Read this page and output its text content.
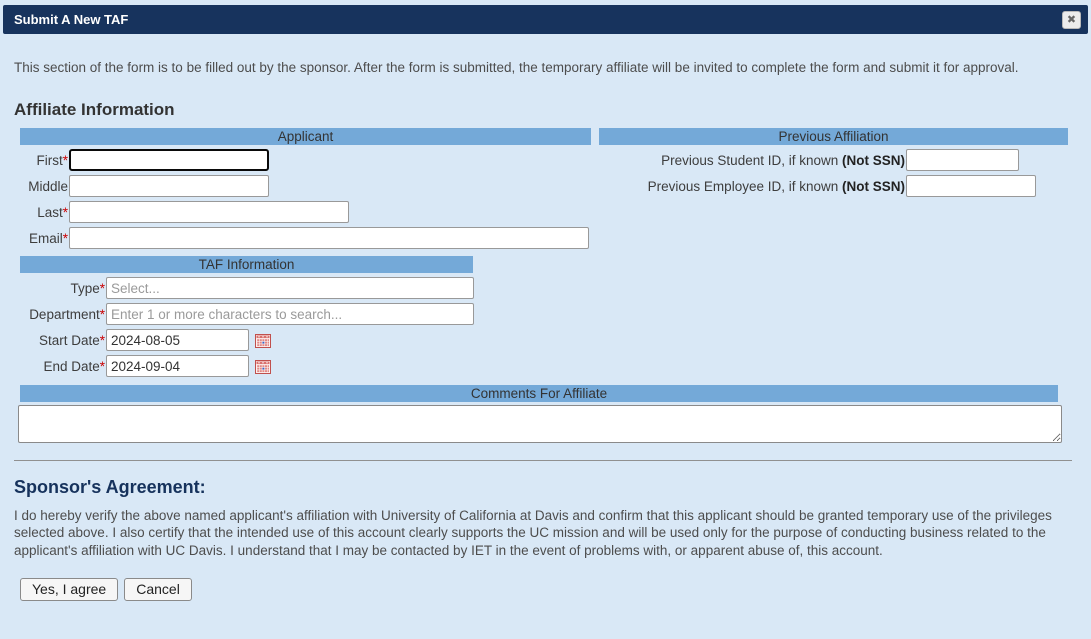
Submit A New TAF	✖

This section of the form is to be filled out by the sponsor. After the form is submitted, the temporary affiliate will be invited to complete the form and submit it for approval.

Affiliate Information
Applicant
First*
Middle
Last*
Email*
Previous Affiliation
Previous Student ID, if known (Not SSN)
Previous Employee ID, if known (Not SSN)
TAF Information
Type*
Select...
Department*
Enter 1 or more characters to search...
Start Date*
2024-08-05
End Date*
2024-09-04
Comments For Affiliate
Sponsor's Agreement:

I do hereby verify the above named applicant's affiliation with University of California at Davis and confirm that this applicant should be granted temporary use of the privileges selected above. I also certify that the intended use of this account clearly supports the UC mission and will be used only for the purpose of conducting business related to the applicant's affiliation with UC Davis. I understand that I may be contacted by IET in the event of problems with, or apparent abuse of, this account.

Yes, I agree	Cancel
